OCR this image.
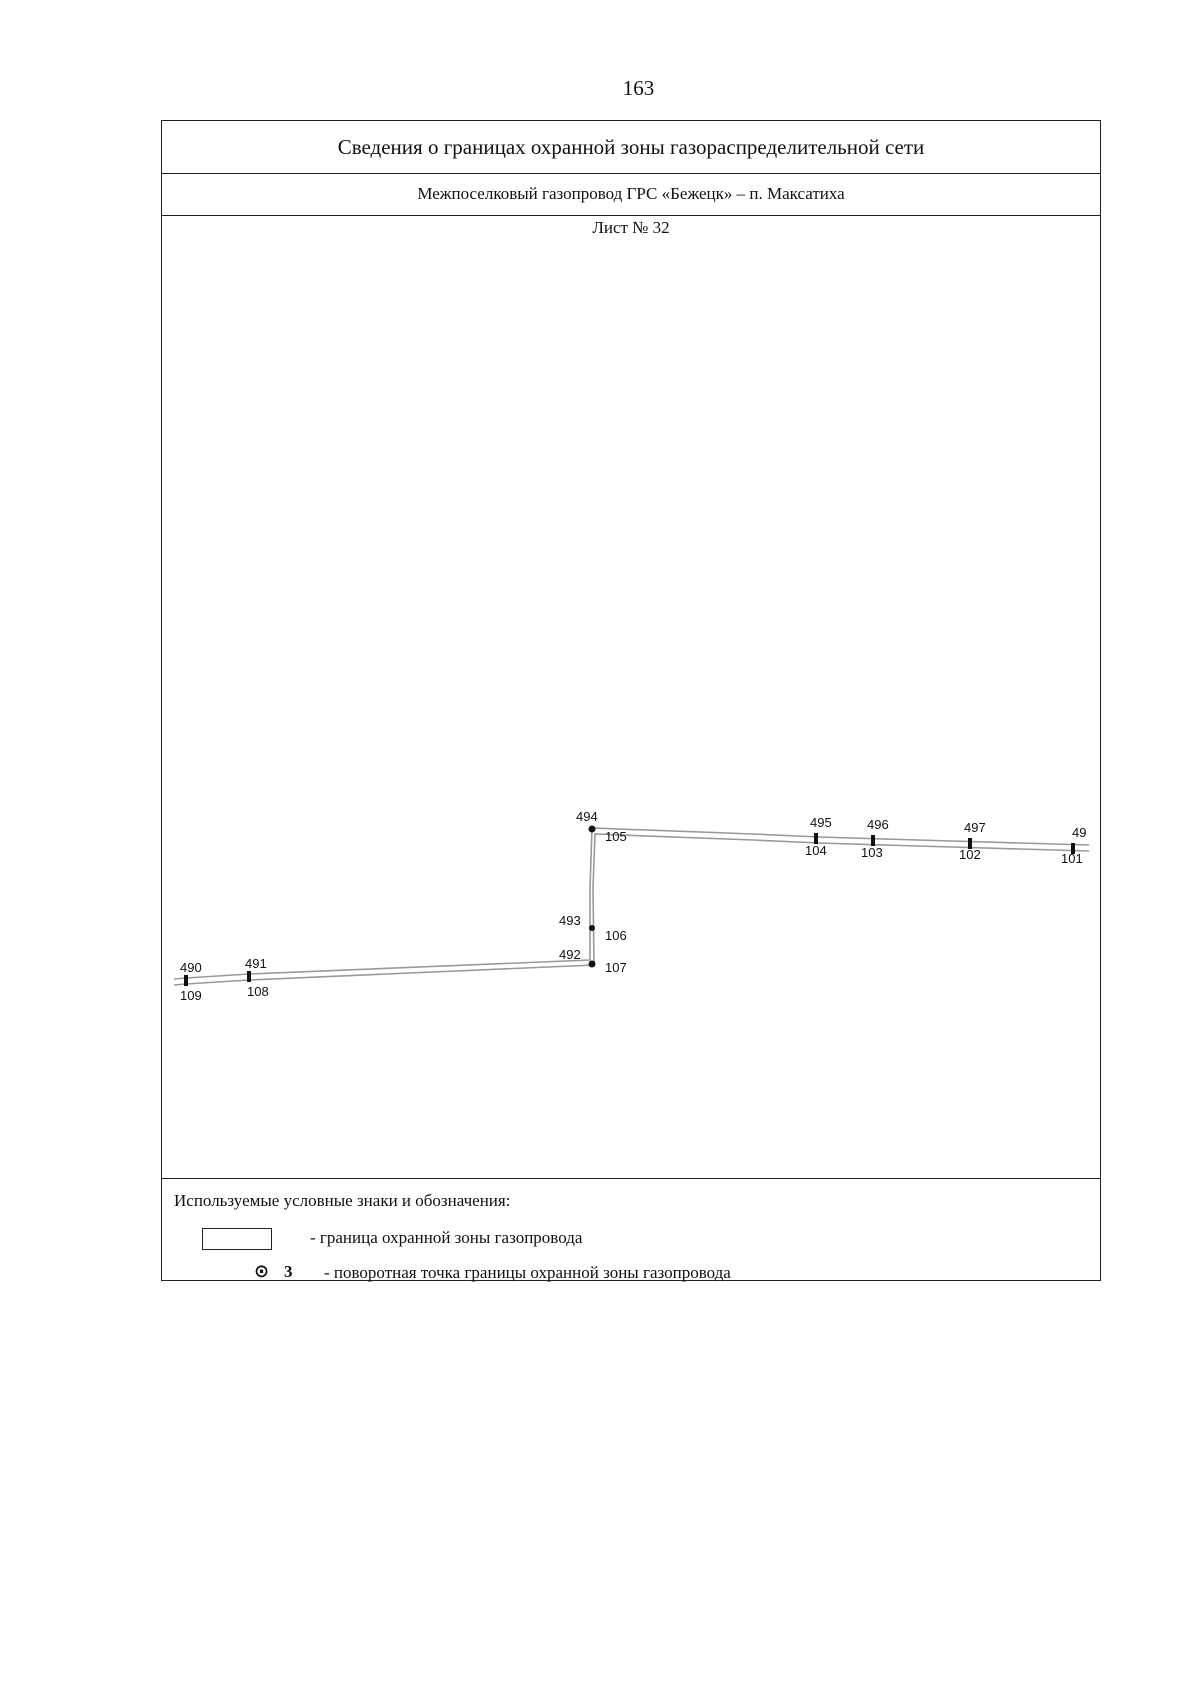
163
Сведения о границах охранной зоны газораспределительной сети
Межпоселковый газопровод ГРС «Бежецк» – п. Максатиха
490
109
491
108
492
107
493
106
494
105
495
104
496
103
497
102
49
101
Лист № 32
Используемые условные знаки и обозначения:
- граница охранной зоны газопровода
⊙ 3 - поворотная точка границы охранной зоны газопровода
